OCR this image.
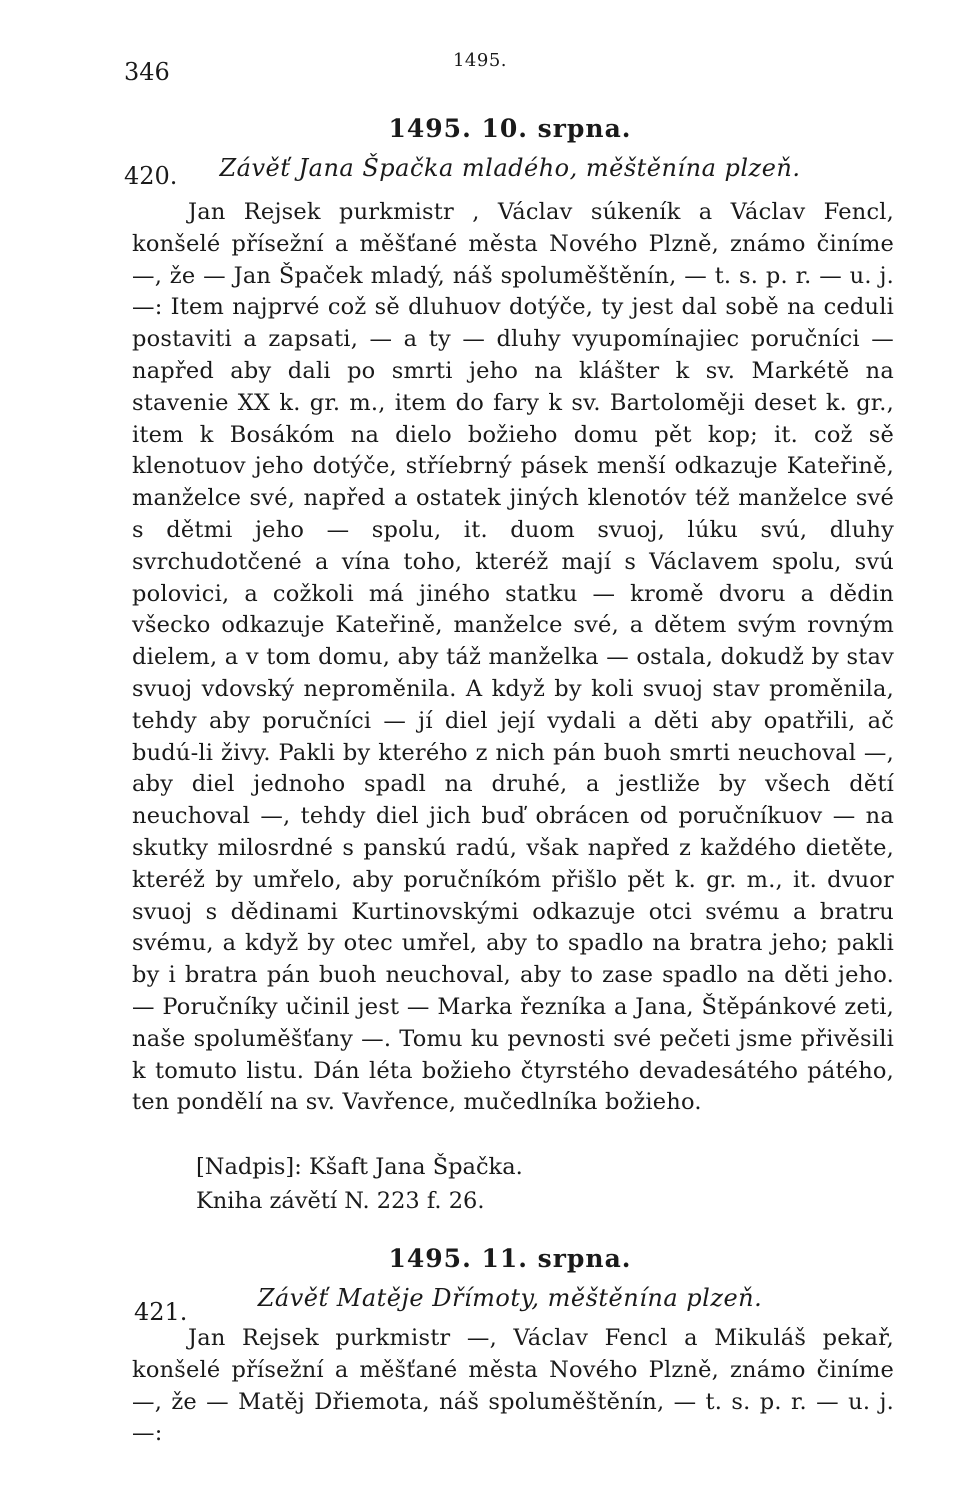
346	1495.
420.
1495. 10. srpna.
Závěť Jana Špačka mladého, měštěnína plzeň.
Jan Rejsek purkmistr , Václav súkeník a Václav Fencl, konšelé přísežní a měšťané města Nového Plzně, známo činíme —, že — Jan Špaček mladý, náš spoluměštěnín, — t. s. p. r. — u. j. —: Item najprvé což sě dluhuov dotýče, ty jest dal sobě na ceduli postaviti a zapsati, — a ty — dluhy vyupomínajiec poručníci — napřed aby dali po smrti jeho na klášter k sv. Markétě na stavenie XX k. gr. m., item do fary k sv. Bartoloměji deset k. gr., item k Bosákóm na dielo božieho domu pět kop; it. což sě klenotuov jeho dotýče, stříebrný pásek menší odkazuje Kateřině, manželce své, napřed a ostatek jiných klenotóv též manželce své s dětmi jeho — spolu, it. duom svuoj, lúku svú, dluhy svrchudotčené a vína toho, kteréž mají s Václavem spolu, svú polovici, a cožkoli má jiného statku — kromě dvoru a dědin všecko odkazuje Kateřině, manželce své, a dětem svým rovným dielem, a v tom domu, aby táž manželka — ostala, dokudž by stav svuoj vdovský neproměnila. A když by koli svuoj stav proměnila, tehdy aby poručníci — jí diel její vydali a děti aby opatřili, ač budú-li živy. Pakli by kterého z nich pán buoh smrti neuchoval —, aby diel jednoho spadl na druhé, a jestliže by všech dětí neuchoval —, tehdy diel jich buď obrácen od poručníkuov — na skutky milosrdné s panskú radú, však napřed z každého dietěte, kteréž by umřelo, aby poručníkóm přišlo pět k. gr. m., it. dvuor svuoj s dědinami Kurtinovskými odkazuje otci svému a bratru svému, a když by otec umřel, aby to spadlo na bratra jeho; pakli by i bratra pán buoh neuchoval, aby to zase spadlo na děti jeho. — Poručníky učinil jest — Marka řezníka a Jana, Štěpánkové zeti, naše spoluměšťany —. Tomu ku pevnosti své pečeti jsme přivěsili k tomuto listu. Dán léta božieho čtyrstého devadesátého pátého, ten pondělí na sv. Vavřence, mučedlníka božieho.
[Nadpis]: Kšaft Jana Špačka.
Kniha závětí N. 223 f. 26.
421.
1495. 11. srpna.
Závěť Matěje Dřímoty, měštěnína plzeň.
Jan Rejsek purkmistr —, Václav Fencl a Mikuláš pekař, konšelé přísežní a měšťané města Nového Plzně, známo činíme —, že — Matěj Dřiemota, náš spoluměštěnín, — t. s. p. r. — u. j. —:
